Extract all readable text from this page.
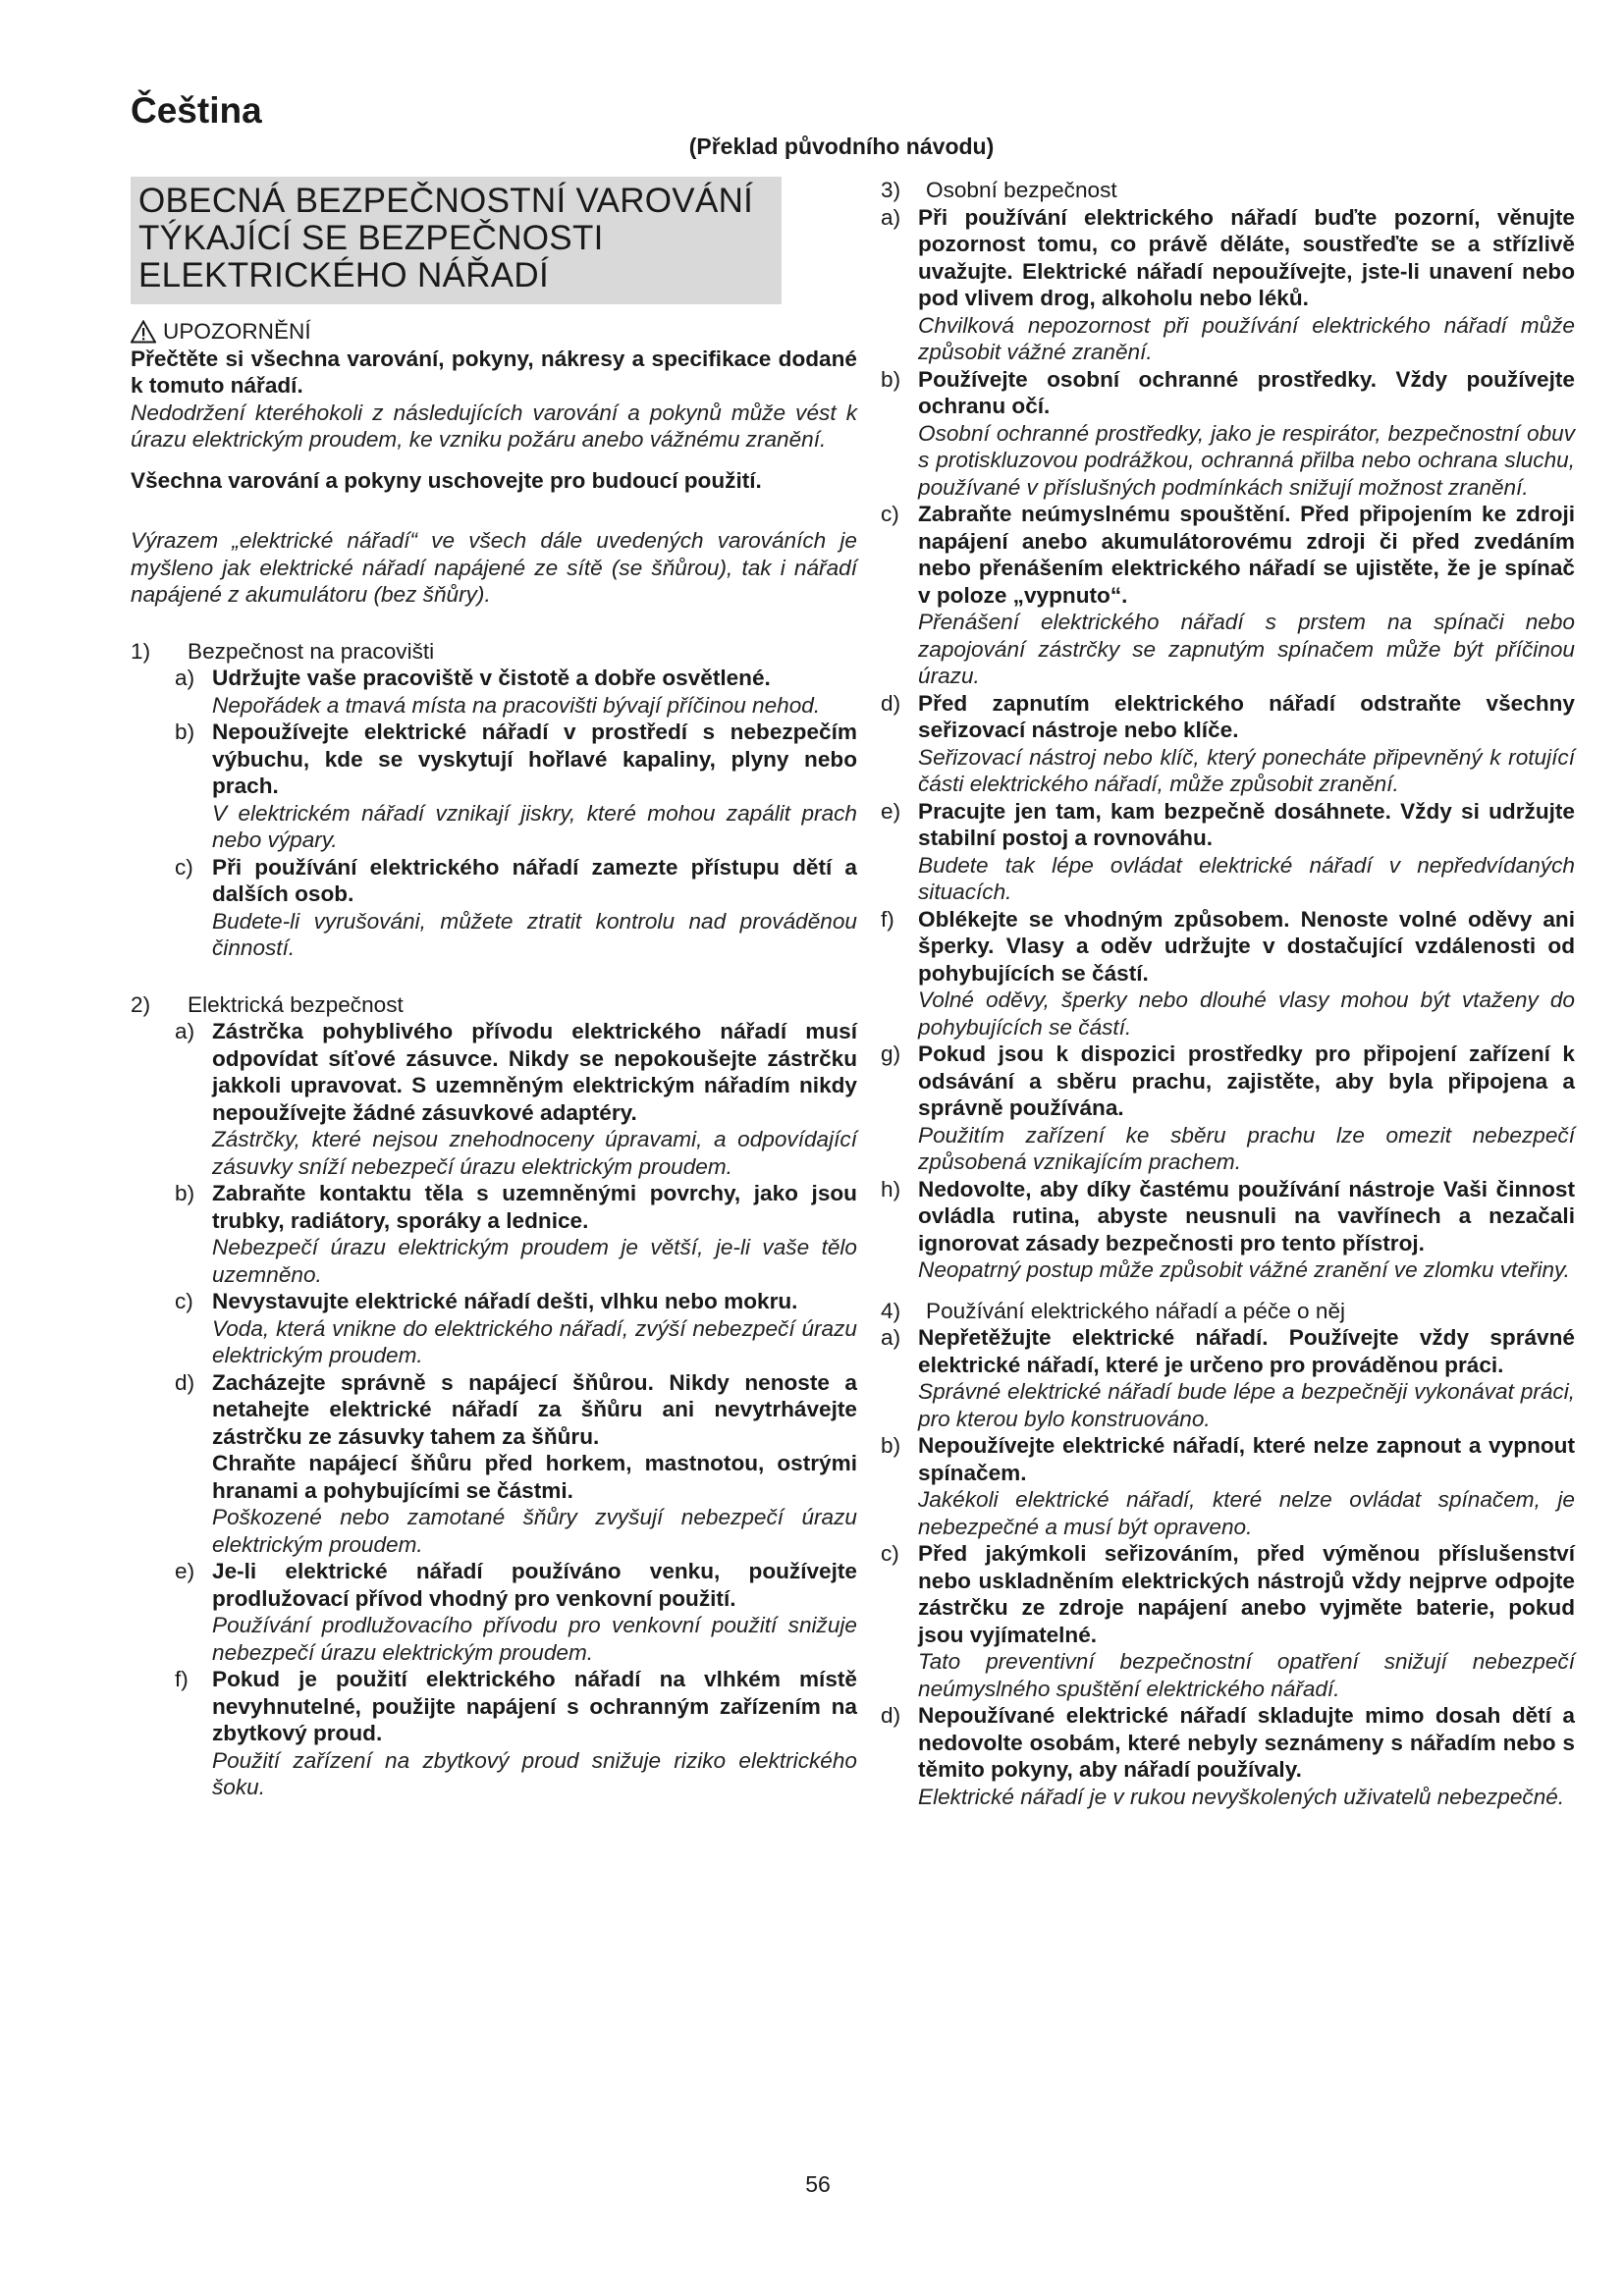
Čeština
(Překlad původního návodu)
OBECNÁ BEZPEČNOSTNÍ VAROVÁNÍ
TÝKAJÍCÍ SE BEZPEČNOSTI
ELEKTRICKÉHO NÁŘADÍ
UPOZORNĚNÍ

Přečtěte si všechna varování, pokyny, nákresy a specifikace dodané k tomuto nářadí.

Nedodržení kteréhokoli z následujících varování a pokynů může vést k úrazu elektrickým proudem, ke vzniku požáru anebo vážnému zranění.

Všechna varování a pokyny uschovejte pro budoucí použití.

Výrazem „elektrické nářadí“ ve všech dále uvedených varováních je myšleno jak elektrické nářadí napájené ze sítě (se šňůrou), tak i nářadí napájené z akumulátoru (bez šňůry).

1)	Bezpečnost na pracovišti
a) Udržujte vaše pracoviště v čistotě a dobře osvětlené.
Nepořádek a tmavá místa na pracovišti bývají příčinou nehod.
b) Nepoužívejte elektrické nářadí v prostředí s nebezpečím výbuchu, kde se vyskytují hořlavé kapaliny, plyny nebo prach.
V elektrickém nářadí vznikají jiskry, které mohou zapálit prach nebo výpary.
c) Při používání elektrického nářadí zamezte přístupu dětí a dalších osob.
Budete-li vyrušováni, můžete ztratit kontrolu nad prováděnou činností.
2)	Elektrická bezpečnost
a) Zástrčka pohyblivého přívodu elektrického nářadí musí odpovídat síťové zásuvce. Nikdy se nepokoušejte zástrčku jakkoli upravovat. S uzemněným elektrickým nářadím nikdy nepoužívejte žádné zásuvkové adaptéry.
Zástrčky, které nejsou znehodnoceny úpravami, a odpovídající zásuvky sníží nebezpečí úrazu elektrickým proudem.
b) Zabraňte kontaktu těla s uzemněnými povrchy, jako jsou trubky, radiátory, sporáky a lednice.
Nebezpečí úrazu elektrickým proudem je větší, je-li vaše tělo uzemněno.
c) Nevystavujte elektrické nářadí dešti, vlhku nebo mokru.
Voda, která vnikne do elektrického nářadí, zvýší nebezpečí úrazu elektrickým proudem.
d) Zacházejte správně s napájecí šňůrou. Nikdy nenoste a netahejte elektrické nářadí za šňůru ani nevytrhávejte zástrčku ze zásuvky tahem za šňůru.
Chraňte napájecí šňůru před horkem, mastnotou, ostrými hranami a pohybujícími se částmi.
Poškozené nebo zamotané šňůry zvyšují nebezpečí úrazu elektrickým proudem.
e) Je-li elektrické nářadí používáno venku, používejte prodlužovací přívod vhodný pro venkovní použití.
Používání prodlužovacího přívodu pro venkovní použití snižuje nebezpečí úrazu elektrickým proudem.
f)	Pokud je použití elektrického nářadí na vlhkém místě nevyhnutelné, použijte napájení s ochranným zařízením na zbytkový proud.
Použití zařízení na zbytkový proud snižuje riziko elektrického šoku.
3)	Osobní bezpečnost
a) Při používání elektrického nářadí buďte pozorní, věnujte pozornost tomu, co právě děláte, soustřeďte se a střízlivě uvažujte. Elektrické nářadí nepoužívejte, jste-li unavení nebo pod vlivem drog, alkoholu nebo léků.
Chvilková nepozornost při používání elektrického nářadí může způsobit vážné zranění.
b) Používejte osobní ochranné prostředky. Vždy používejte ochranu očí.
Osobní ochranné prostředky, jako je respirátor, bezpečnostní obuv s protiskluzovou podrážkou, ochranná přilba nebo ochrana sluchu, používané v příslušných podmínkách snižují možnost zranění.
c) Zabraňte neúmyslnému spouštění. Před připojením ke zdroji napájení anebo akumulátorovému zdroji či před zvedáním nebo přenášením elektrického nářadí se ujistěte, že je spínač v poloze „vypnuto“.
Přenášení elektrického nářadí s prstem na spínači nebo zapojování zástrčky se zapnutým spínačem může být příčinou úrazu.
d) Před zapnutím elektrického nářadí odstraňte všechny seřizovací nástroje nebo klíče.
Seřizovací nástroj nebo klíč, který ponecháte připevněný k rotující části elektrického nářadí, může způsobit zranění.
e) Pracujte jen tam, kam bezpečně dosáhnete. Vždy si udržujte stabilní postoj a rovnováhu.
Budete tak lépe ovládat elektrické nářadí v nepředvídaných situacích.
f)	Oblékejte se vhodným způsobem. Nenoste volné oděvy ani šperky. Vlasy a oděv udržujte v dostačující vzdálenosti od pohybujících se částí.
Volné oděvy, šperky nebo dlouhé vlasy mohou být vtaženy do pohybujících se částí.
g) Pokud jsou k dispozici prostředky pro připojení zařízení k odsávání a sběru prachu, zajistěte, aby byla připojena a správně používána.
Použitím zařízení ke sběru prachu lze omezit nebezpečí způsobená vznikajícím prachem.
h) Nedovolte, aby díky častému používání nástroje Vaši činnost ovládla rutina, abyste neusnuli na vavřínech a nezačali ignorovat zásady bezpečnosti pro tento přístroj.
Neopatrný postup může způsobit vážné zranění ve zlomku vteřiny.
4)	Používání elektrického nářadí a péče o něj
a) Nepřetěžujte elektrické nářadí. Používejte vždy správné elektrické nářadí, které je určeno pro prováděnou práci.
Správné elektrické nářadí bude lépe a bezpečněji vykonávat práci, pro kterou bylo konstruováno.
b) Nepoužívejte elektrické nářadí, které nelze zapnout a vypnout spínačem.
Jakékoli elektrické nářadí, které nelze ovládat spínačem, je nebezpečné a musí být opraveno.
c) Před jakýmkoli seřizováním, před výměnou příslušenství nebo uskladněním elektrických nástrojů vždy nejprve odpojte zástrčku ze zdroje napájení anebo vyjměte baterie, pokud jsou vyjímatelné.
Tato preventivní bezpečnostní opatření snižují nebezpečí neúmyslného spuštění elektrického nářadí.
d) Nepoužívané elektrické nářadí skladujte mimo dosah dětí a nedovolte osobám, které nebyly seznámeny s nářadím nebo s těmito pokyny, aby nářadí používaly.
Elektrické nářadí je v rukou nevyškolených uživatelů nebezpečné.
56
